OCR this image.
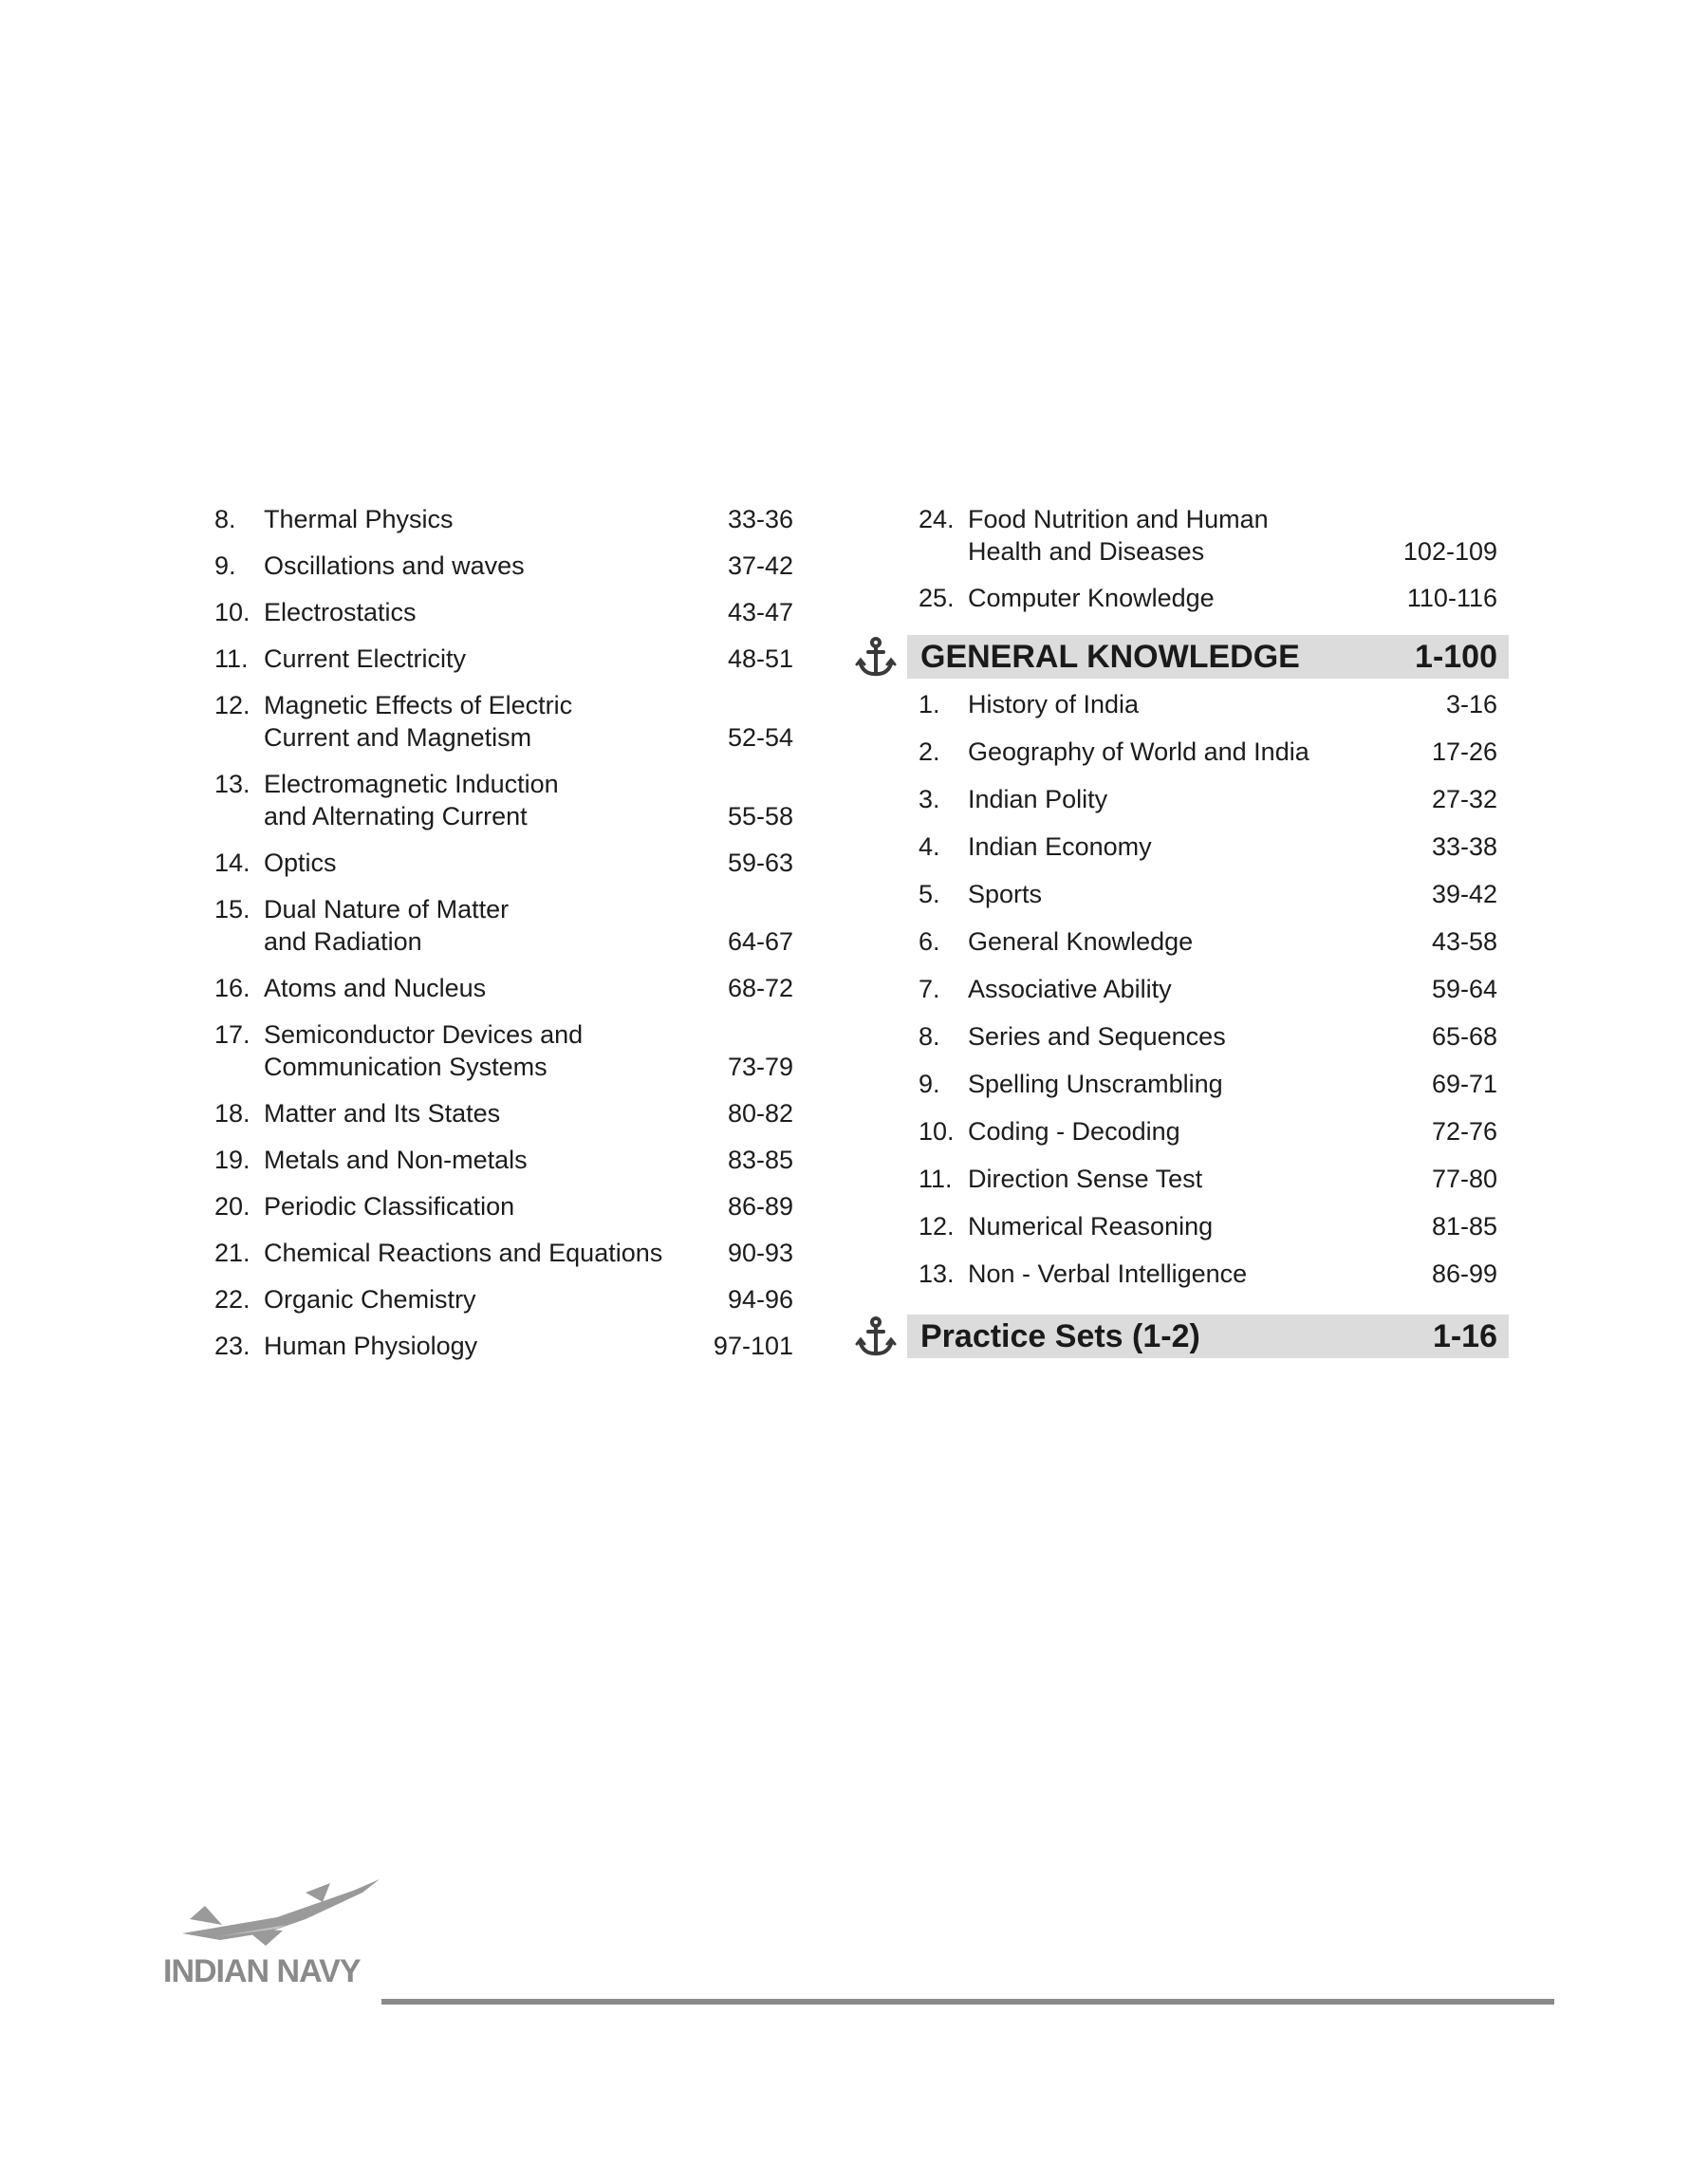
8.	Thermal Physics	33-36
9.	Oscillations and waves	37-42
10. Electrostatics	43-47
11. Current Electricity	48-51
12. Magnetic Effects of Electric
Current and Magnetism	52-54
13. Electromagnetic Induction
and Alternating Current	55-58
14. Optics	59-63
15. Dual Nature of Matter
and Radiation	64-67
16. Atoms and Nucleus	68-72
17. Semiconductor Devices and
Communication Systems	73-79
18. Matter and Its States	80-82
19. Metals and Non-metals	83-85
20. Periodic Classification	86-89
21. Chemical Reactions and Equations	90-93
22. Organic Chemistry	94-96
23. Human Physiology	97-101
24. Food Nutrition and Human
Health and Diseases	102-109
25. Computer Knowledge	110-116
GENERAL KNOWLEDGE	1-100
1.	History of India	3-16
2.	Geography of World and India	17-26
3.	Indian Polity	27-32
4.	Indian Economy	33-38
5.	Sports	39-42
6.	General Knowledge	43-58
7.	Associative Ability	59-64
8.	Series and Sequences	65-68
9.	Spelling Unscrambling	69-71
10. Coding - Decoding	72-76
11. Direction Sense Test	77-80
12. Numerical Reasoning	81-85
13. Non - Verbal Intelligence	86-99
Practice Sets (1-2)	1-16
INDIAN NAVY
